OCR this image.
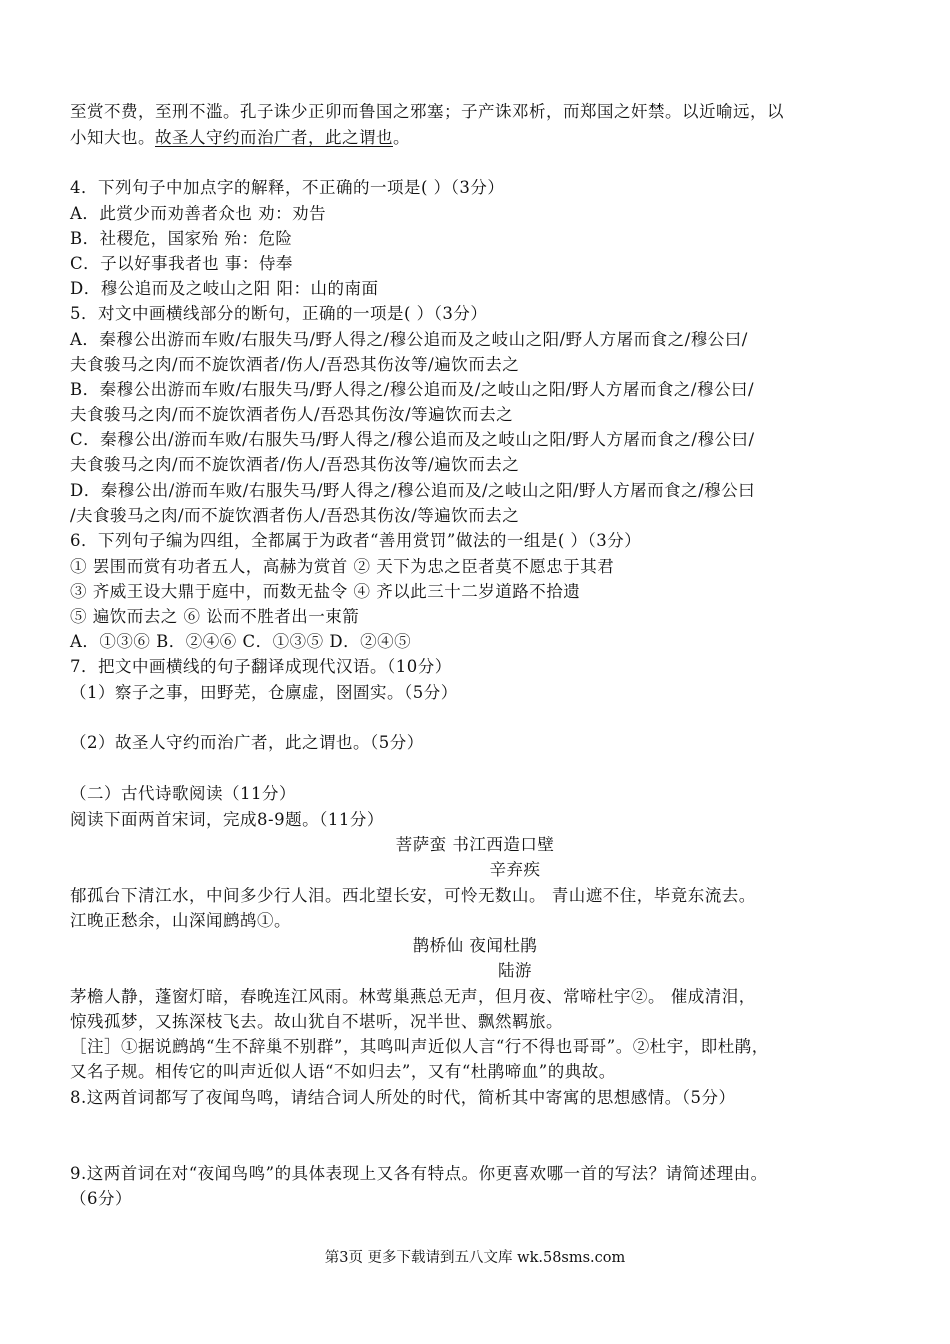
至赏不费，至刑不滥。孔子诛少正卯而鲁国之邪塞；子产诛邓析，而郑国之奸禁。以近喻远，以
小知大也。故圣人守约而治广者，此之谓也。
4．下列句子中加点字的解释，不正确的一项是( ）（3分）
A．此赏少而劝善者众也 劝：劝告
B．社稷危，国家殆 殆：危险
C．子以好事我者也 事：侍奉
D．穆公追而及之岐山之阳 阳：山的南面
5．对文中画横线部分的断句，正确的一项是( ）（3分）
A．秦穆公出游而车败/右服失马/野人得之/穆公追而及之岐山之阳/野人方屠而食之/穆公曰/
夫食骏马之肉/而不旋饮酒者/伤人/吾恐其伤汝等/遍饮而去之
B．秦穆公出游而车败/右服失马/野人得之/穆公追而及/之岐山之阳/野人方屠而食之/穆公曰/
夫食骏马之肉/而不旋饮酒者伤人/吾恐其伤汝/等遍饮而去之
C．秦穆公出/游而车败/右服失马/野人得之/穆公追而及之岐山之阳/野人方屠而食之/穆公曰/
夫食骏马之肉/而不旋饮酒者/伤人/吾恐其伤汝等/遍饮而去之
D．秦穆公出/游而车败/右服失马/野人得之/穆公追而及/之岐山之阳/野人方屠而食之/穆公曰
/夫食骏马之肉/而不旋饮酒者伤人/吾恐其伤汝/等遍饮而去之
6．下列句子编为四组，全都属于为政者“善用赏罚”做法的一组是( ）（3分）
① 罢围而赏有功者五人，高赫为赏首 ② 天下为忠之臣者莫不愿忠于其君
③ 齐威王设大鼎于庭中，而数无盐令 ④ 齐以此三十二岁道路不拾遗
⑤ 遍饮而去之 ⑥ 讼而不胜者出一束箭
A．①③⑥ B．②④⑥ C．①③⑤ D．②④⑤
7．把文中画横线的句子翻译成现代汉语。（10分）
（1）察子之事，田野芜，仓廪虚，囹圄实。（5分）
（2）故圣人守约而治广者，此之谓也。（5分）
（二）古代诗歌阅读（11分）
阅读下面两首宋词，完成8-9题。（11分）
菩萨蛮 书江西造口壁
辛弃疾
郁孤台下清江水，中间多少行人泪。西北望长安，可怜无数山。 青山遮不住，毕竟东流去。
江晚正愁余，山深闻鹧鸪①。
鹊桥仙 夜闻杜鹃
陆游
茅檐人静，蓬窗灯暗，春晚连江风雨。林莺巢燕总无声，但月夜、常啼杜宇②。 催成清泪，
惊残孤梦，又拣深枝飞去。故山犹自不堪听，况半世、飘然羁旅。
［注］①据说鹧鸪“生不辞巢不别群”，其鸣叫声近似人言“行不得也哥哥”。②杜宇，即杜鹃，
又名子规。相传它的叫声近似人语“不如归去”，又有“杜鹃啼血”的典故。
8.这两首词都写了夜闻鸟鸣，请结合词人所处的时代，简析其中寄寓的思想感情。（5分）
9.这两首词在对“夜闻鸟鸣”的具体表现上又各有特点。你更喜欢哪一首的写法？请简述理由。
（6分）
第3页 更多下载请到五八文库 wk.58sms.com
